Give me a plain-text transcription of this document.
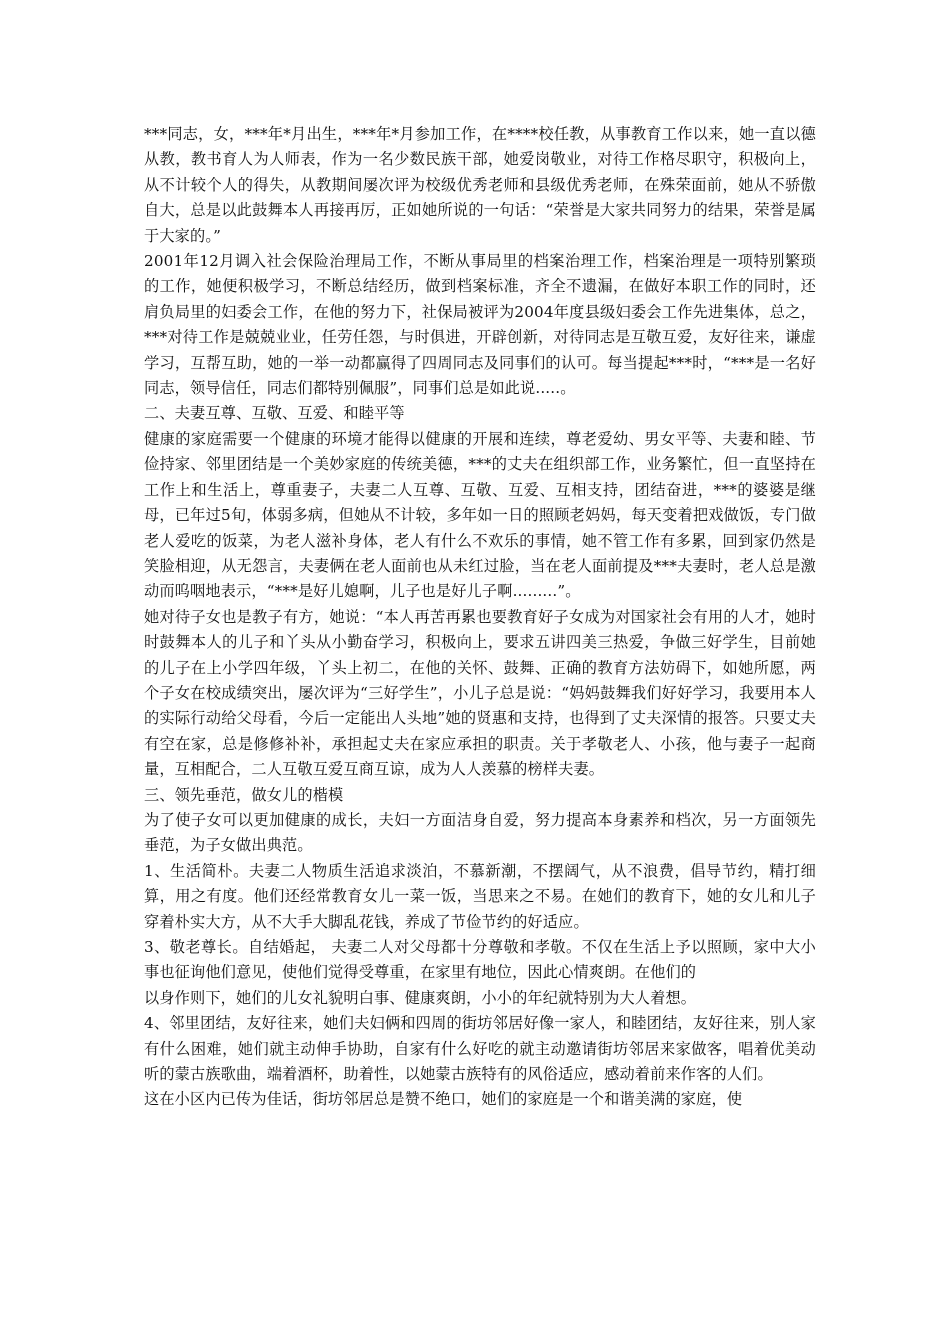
***同志，女，***年*月出生，***年*月参加工作，在****校任教，从事教育工作以来，她一直以德从教，教书育人为人师表，作为一名少数民族干部，她爱岗敬业，对待工作格尽职守，积极向上，从不计较个人的得失，从教期间屡次评为校级优秀老师和县级优秀老师，在殊荣面前，她从不骄傲自大，总是以此鼓舞本人再接再厉，正如她所说的一句话：“荣誉是大家共同努力的结果，荣誉是属于大家的。”

2001年12月调入社会保险治理局工作，不断从事局里的档案治理工作，档案治理是一项特别繁琐的工作，她便积极学习，不断总结经历，做到档案标准，齐全不遗漏，在做好本职工作的同时，还肩负局里的妇委会工作，在他的努力下，社保局被评为2004年度县级妇委会工作先进集体，总之，***对待工作是兢兢业业，任劳任怨，与时俱进，开辟创新，对待同志是互敬互爱，友好往来，谦虚学习，互帮互助，她的一举一动都赢得了四周同志及同事们的认可。每当提起***时，“***是一名好同志，领导信任，同志们都特别佩服”，同事们总是如此说.....。

二、夫妻互尊、互敬、互爱、和睦平等

健康的家庭需要一个健康的环境才能得以健康的开展和连续，尊老爱幼、男女平等、夫妻和睦、节俭持家、邻里团结是一个美妙家庭的传统美德，***的丈夫在组织部工作，业务繁忙，但一直坚持在工作上和生活上，尊重妻子，夫妻二人互尊、互敬、互爱、互相支持，团结奋进，***的婆婆是继母，已年过5旬，体弱多病，但她从不计较，多年如一日的照顾老妈妈，每天变着把戏做饭，专门做老人爱吃的饭菜，为老人滋补身体，老人有什么不欢乐的事情，她不管工作有多累，回到家仍然是笑脸相迎，从无怨言，夫妻俩在老人面前也从未红过脸，当在老人面前提及***夫妻时，老人总是激动而呜咽地表示，“***是好儿媳啊，儿子也是好儿子啊.........”。

她对待子女也是教子有方，她说：“本人再苦再累也要教育好子女成为对国家社会有用的人才，她时时鼓舞本人的儿子和丫头从小勤奋学习，积极向上，要求五讲四美三热爱，争做三好学生，目前她的儿子在上小学四年级，丫头上初二，在他的关怀、鼓舞、正确的教育方法妨碍下，如她所愿，两个子女在校成绩突出，屡次评为“三好学生”，小儿子总是说：“妈妈鼓舞我们好好学习，我要用本人的实际行动给父母看，今后一定能出人头地”她的贤惠和支持，也得到了丈夫深情的报答。只要丈夫有空在家，总是修修补补，承担起丈夫在家应承担的职责。关于孝敬老人、小孩，他与妻子一起商量，互相配合，二人互敬互爱互商互谅，成为人人羡慕的榜样夫妻。

三、领先垂范，做女儿的楷模

为了使子女可以更加健康的成长，夫妇一方面洁身自爱，努力提高本身素养和档次，另一方面领先垂范，为子女做出典范。

1、生活简朴。夫妻二人物质生活追求淡泊，不慕新潮，不摆阔气，从不浪费，倡导节约，精打细算，用之有度。他们还经常教育女儿一菜一饭，当思来之不易。在她们的教育下，她的女儿和儿子穿着朴实大方，从不大手大脚乱花钱，养成了节俭节约的好适应。

3、敬老尊长。自结婚起， 夫妻二人对父母都十分尊敬和孝敬。不仅在生活上予以照顾，家中大小事也征询他们意见，使他们觉得受尊重，在家里有地位，因此心情爽朗。在他们的

以身作则下，她们的儿女礼貌明白事、健康爽朗，小小的年纪就特别为大人着想。

4、邻里团结，友好往来，她们夫妇俩和四周的街坊邻居好像一家人，和睦团结，友好往来，别人家有什么困难，她们就主动伸手协助，自家有什么好吃的就主动邀请街坊邻居来家做客，唱着优美动听的蒙古族歌曲，端着酒杯，助着性，以她蒙古族特有的风俗适应，感动着前来作客的人们。

这在小区内已传为佳话，街坊邻居总是赞不绝口，她们的家庭是一个和谐美满的家庭，使
